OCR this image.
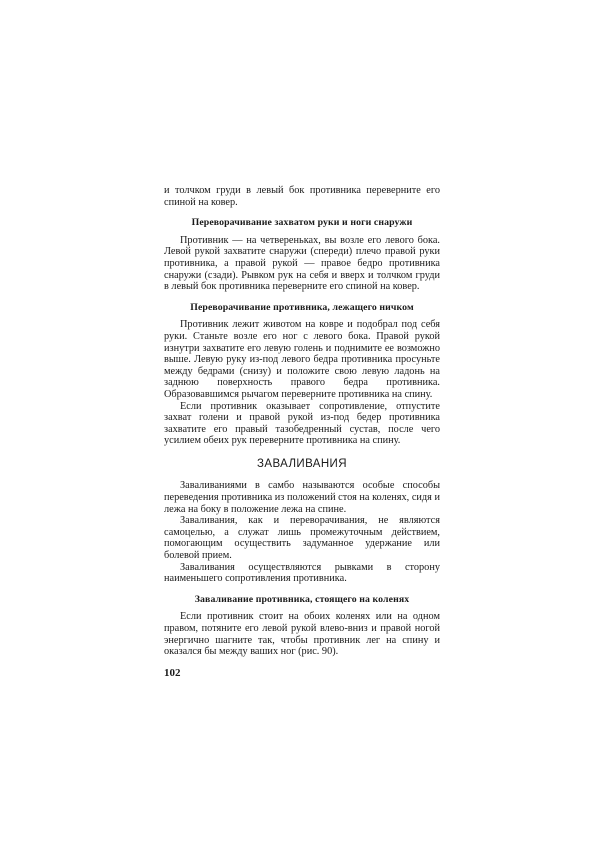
и толчком груди в левый бок противника переверните его спиной на ковер.

Переворачивание захватом руки и ноги снаружи

Противник — на четвереньках, вы возле его левого бока. Левой рукой захватите снаружи (спереди) плечо правой руки противника, а правой рукой — правое бедро противника снаружи (сзади). Рывком рук на себя и вверх и толчком груди в левый бок противника переверните его спиной на ковер.

Переворачивание противника, лежащего ничком

Противник лежит животом на ковре и подобрал под себя руки. Станьте возле его ног с левого бока. Правой рукой изнутри захватите его левую голень и поднимите ее возможно выше. Левую руку из-под левого бедра противника просуньте между бедрами (снизу) и положите свою левую ладонь на заднюю поверхность правого бедра противника. Образовавшимся рычагом переверните противника на спину.

Если противник оказывает сопротивление, отпустите захват голени и правой рукой из-под бедер противника захватите его правый тазобедренный сустав, после чего усилием обеих рук переверните противника на спину.

ЗАВАЛИВАНИЯ

Заваливаниями в самбо называются особые способы переведения противника из положений стоя на коленях, сидя и лежа на боку в положение лежа на спине.

Заваливания, как и переворачивания, не являются самоцелью, а служат лишь промежуточным действием, помогающим осуществить задуманное удержание или болевой прием.

Заваливания осуществляются рывками в сторону наименьшего сопротивления противника.

Заваливание противника, стоящего на коленях

Если противник стоит на обоих коленях или на одном правом, потяните его левой рукой влево-вниз и правой ногой энергично шагните так, чтобы противник лег на спину и оказался бы между ваших ног (рис. 90).

102
